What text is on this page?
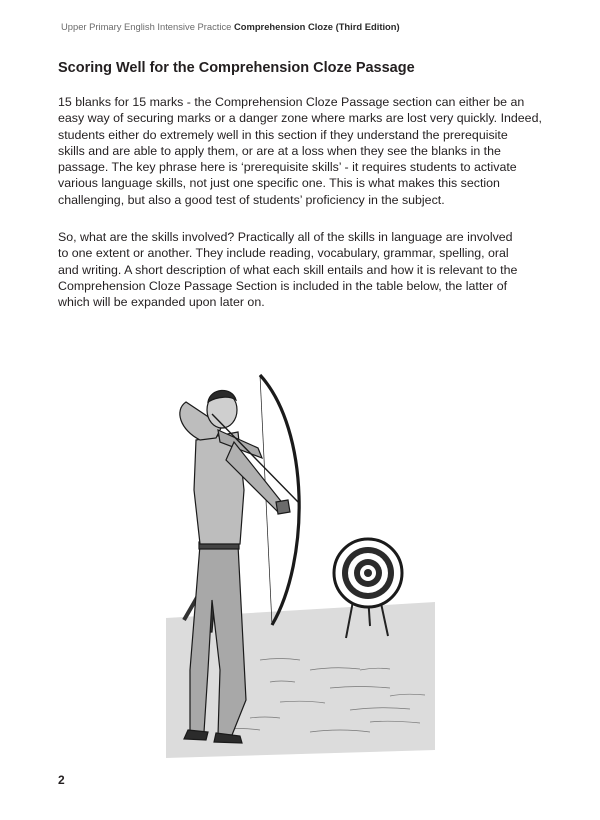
Upper Primary English Intensive Practice Comprehension Cloze (Third Edition)
Scoring Well for the Comprehension Cloze Passage

15 blanks for 15 marks - the Comprehension Cloze Passage section can either be an
easy way of securing marks or a danger zone where marks are lost very quickly. Indeed,
students either do extremely well in this section if they understand the prerequisite
skills and are able to apply them, or are at a loss when they see the blanks in the
passage. The key phrase here is ‘prerequisite skills’ - it requires students to activate
various language skills, not just one specific one. This is what makes this section
challenging, but also a good test of students’ proficiency in the subject.

So, what are the skills involved? Practically all of the skills in language are involved
to one extent or another. They include reading, vocabulary, grammar, spelling, oral
and writing. A short description of what each skill entails and how it is relevant to the
Comprehension Cloze Passage Section is included in the table below, the latter of
which will be expanded upon later on.

2
